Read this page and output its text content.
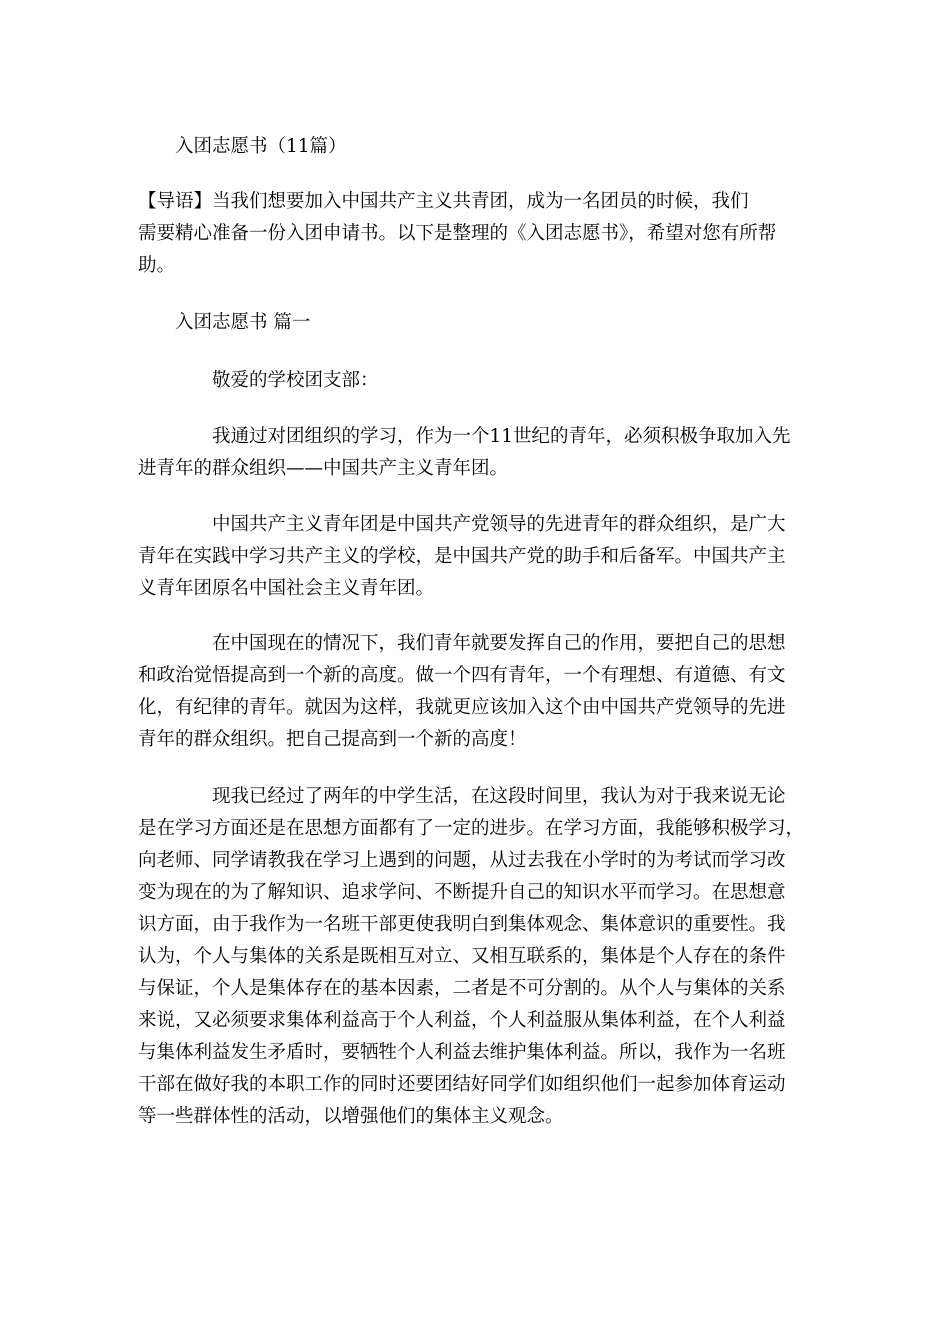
入团志愿书（11篇）

【导语】当我们想要加入中国共产主义共青团，成为一名团员的时候，我们

需要精心准备一份入团申请书。以下是整理的《入团志愿书》，希望对您有所帮

助。

入团志愿书 篇一

敬爱的学校团支部：

我通过对团组织的学习，作为一个11世纪的青年，必须积极争取加入先

进青年的群众组织——中国共产主义青年团。

中国共产主义青年团是中国共产党领导的先进青年的群众组织，是广大

青年在实践中学习共产主义的学校，是中国共产党的助手和后备军。中国共产主

义青年团原名中国社会主义青年团。

在中国现在的情况下，我们青年就要发挥自己的作用，要把自己的思想

和政治觉悟提高到一个新的高度。做一个四有青年，一个有理想、有道德、有文

化，有纪律的青年。就因为这样，我就更应该加入这个由中国共产党领导的先进

青年的群众组织。把自己提高到一个新的高度！

现我已经过了两年的中学生活，在这段时间里，我认为对于我来说无论

是在学习方面还是在思想方面都有了一定的进步。在学习方面，我能够积极学习，

向老师、同学请教我在学习上遇到的问题，从过去我在小学时的为考试而学习改

变为现在的为了解知识、追求学问、不断提升自己的知识水平而学习。在思想意

识方面，由于我作为一名班干部更使我明白到集体观念、集体意识的重要性。我

认为，个人与集体的关系是既相互对立、又相互联系的，集体是个人存在的条件

与保证，个人是集体存在的基本因素，二者是不可分割的。从个人与集体的关系

来说，又必须要求集体利益高于个人利益，个人利益服从集体利益，在个人利益

与集体利益发生矛盾时，要牺牲个人利益去维护集体利益。所以，我作为一名班

干部在做好我的本职工作的同时还要团结好同学们如组织他们一起参加体育运动

等一些群体性的活动，以增强他们的集体主义观念。
